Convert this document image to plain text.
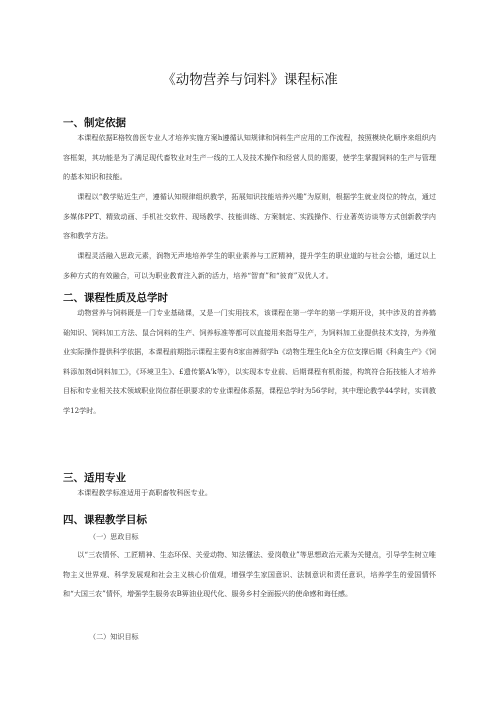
《动物营养与饲料》课程标准
一、制定依据

本课程依据E格牧兽医专业人才培养实施方案h遵循认知规律和饲料生产应用的工作流程，按照模块化顺序来组织内容框架，其功能是为了满足现代畜牧业对生产一线的工人及技术操作和经营人员的需要，使学生掌握饲料的生产与管理的基本知识和技能。

课程以“教学贴近生产，遵循认知规律组织教学，拓展知识技能培养兴趣”为原则，根据学生就业岗位的特点，通过多媒体PPT、精致动画、手机社交软件、现场教学、技能训练、方案制定、实践操作、行业著英访谈等方式创新教学内容和教学方法。

课程灵活融入思政元素，润物无声地培养学生的职业素养与工匠精神，提升学生的职业道的与社会公德，通过以上多种方式的有效融合，可以为职业教育注入新的活力，培养“智育”和“彼育”双优人才。

二、课程性质及总学时

动物营养与饲料既是一门专业基础课，又是一门实用技术，该课程在第一学年的第一学期开设，其中涉及的首养鹤础知识、饲料加工方法、鼠合饲料的生产、饲养标准等都可以直接用来指导生产，为饲料加工业提供技术支持，为养殖业实际操作提供科学依据，本课程前期指示课程主要有8家亩裤彻学h《动物生理生化h全方位支撑后期《科禽生产》《饲料添加剂d饲料加工》，《环境卫生》、£遗传繁A'k等），以实现本专业前、后期课程有机衔接，构筑符合拓技能人才培养目标和专业相关技术领域职业岗位群任职要求的专业课程体系据，课程总学时为56学时，其中理论教学44学时，实训教学12学时。

三、适用专业

本课程教学标准适用于高职畜牧科医专业。

四、课程教学目标
（一）思政目标

以“三农情怀、工匠精神、生态环保、关爱动物、知法懂法、爱岗敬业”等思想政治元素为关键点，引导学生树立唯物主义世界观、科学发展观和社会主义核心价值观，增强学生家国意识、法制意识和责任意识，培养学生的爱国情怀和“大国三农”情怀，增强学生服务农B箅油业现代化、服务乡村全面振兴的使命感和诲任感。

（二）知识目标
